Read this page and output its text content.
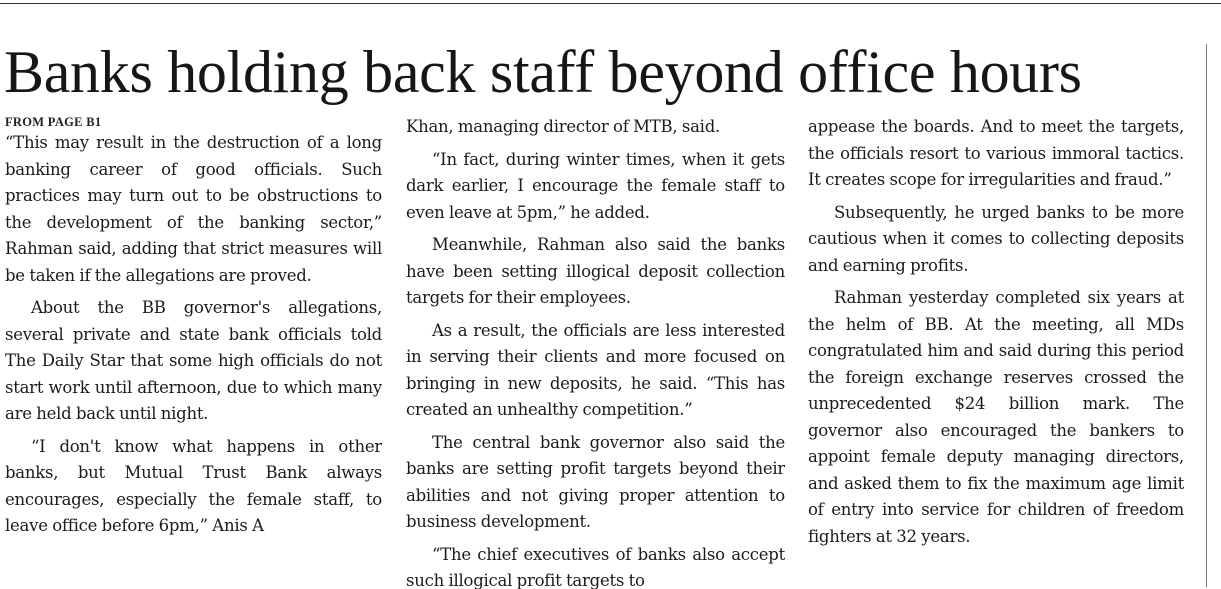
Banks holding back staff beyond office hours
FROM PAGE B1

“This may result in the destruction of a long banking career of good officials. Such practices may turn out to be obstructions to the development of the banking sector,” Rahman said, adding that strict measures will be taken if the allegations are proved.

About the BB governor's allegations, several private and state bank officials told The Daily Star that some high officials do not start work until afternoon, due to which many are held back until night.

“I don't know what happens in other banks, but Mutual Trust Bank always encourages, especially the female staff, to leave office before 6pm,” Anis A

Khan, managing director of MTB, said.

“In fact, during winter times, when it gets dark earlier, I encourage the female staff to even leave at 5pm,” he added.

Meanwhile, Rahman also said the banks have been setting illogical deposit collection targets for their employees.

As a result, the officials are less interested in serving their clients and more focused on bringing in new deposits, he said. “This has created an unhealthy competition.”

The central bank governor also said the banks are setting profit targets beyond their abilities and not giving proper attention to business development.

“The chief executives of banks also accept such illogical profit targets to

appease the boards. And to meet the targets, the officials resort to various immoral tactics. It creates scope for irregularities and fraud.”

Subsequently, he urged banks to be more cautious when it comes to collecting deposits and earning profits.

Rahman yesterday completed six years at the helm of BB. At the meeting, all MDs congratulated him and said during this period the foreign exchange reserves crossed the unprecedented $24 billion mark. The governor also encouraged the bankers to appoint female deputy managing directors, and asked them to fix the maximum age limit of entry into service for children of freedom fighters at 32 years.
